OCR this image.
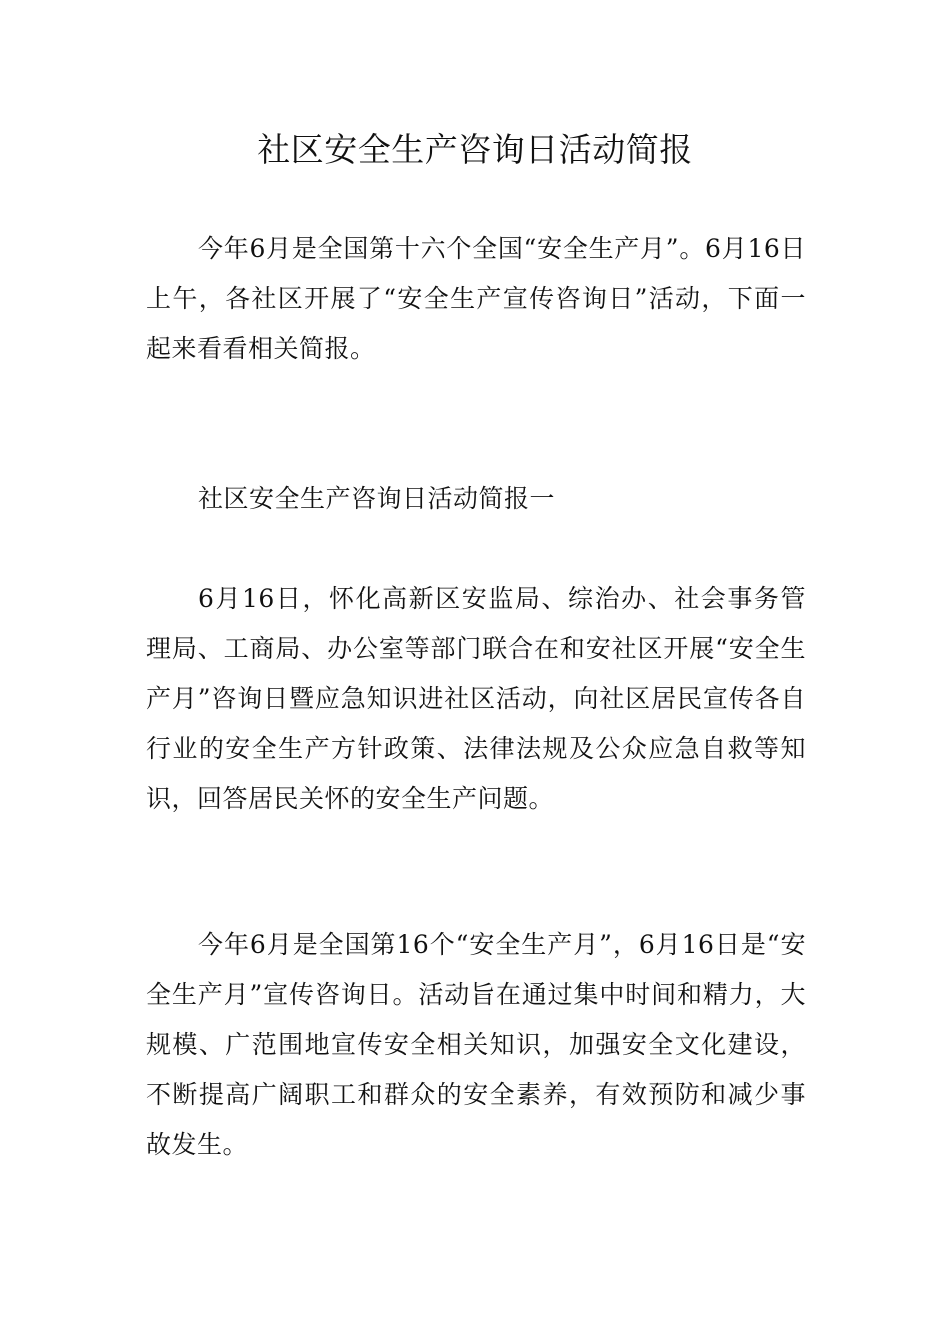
社区安全生产咨询日活动简报

今年6月是全国第十六个全国“安全生产月”。6月16日上午，各社区开展了“安全生产宣传咨询日”活动，下面一起来看看相关简报。

社区安全生产咨询日活动简报一

6月16日，怀化高新区安监局、综治办、社会事务管理局、工商局、办公室等部门联合在和安社区开展“安全生产月”咨询日暨应急知识进社区活动，向社区居民宣传各自行业的安全生产方针政策、法律法规及公众应急自救等知识，回答居民关怀的安全生产问题。

今年6月是全国第16个“安全生产月”，6月16日是“安全生产月”宣传咨询日。活动旨在通过集中时间和精力，大规模、广范围地宣传安全相关知识，加强安全文化建设，不断提高广阔职工和群众的安全素养，有效预防和减少事故发生。
